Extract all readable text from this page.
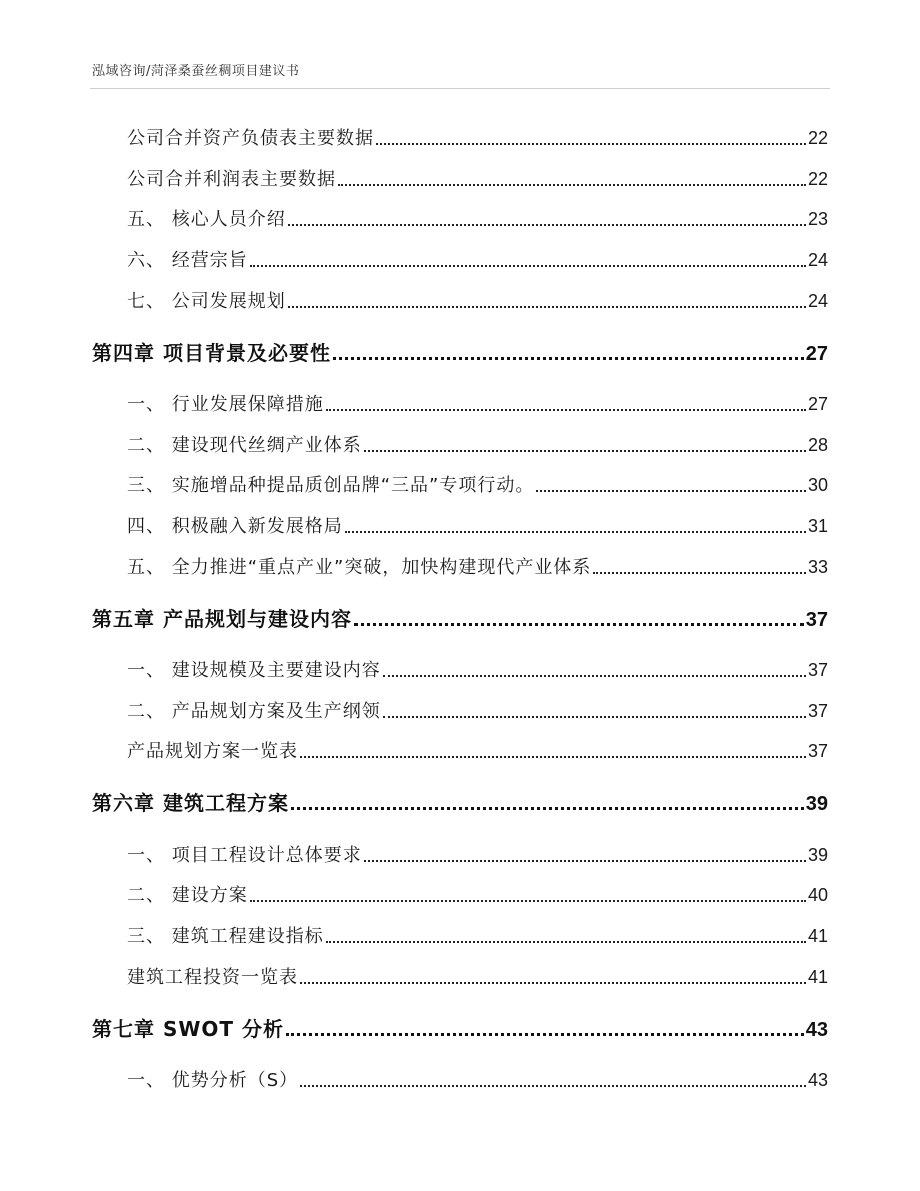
泓域咨询/菏泽桑蚕丝稠项目建议书
公司合并资产负债表主要数据	22
公司合并利润表主要数据	22
五、 核心人员介绍	23
六、 经营宗旨	24
七、 公司发展规划	24
第四章 项目背景及必要性	27
一、 行业发展保障措施	27
二、 建设现代丝绸产业体系	28
三、 实施增品种提品质创品牌“三品”专项行动。	30
四、 积极融入新发展格局	31
五、 全力推进“重点产业”突破，加快构建现代产业体系	33
第五章 产品规划与建设内容	37
一、 建设规模及主要建设内容	37
二、 产品规划方案及生产纲领	37
产品规划方案一览表	37
第六章 建筑工程方案	39
一、 项目工程设计总体要求	39
二、 建设方案	40
三、 建筑工程建设指标	41
建筑工程投资一览表	41
第七章 SWOT 分析	43
一、 优势分析（S）	43
